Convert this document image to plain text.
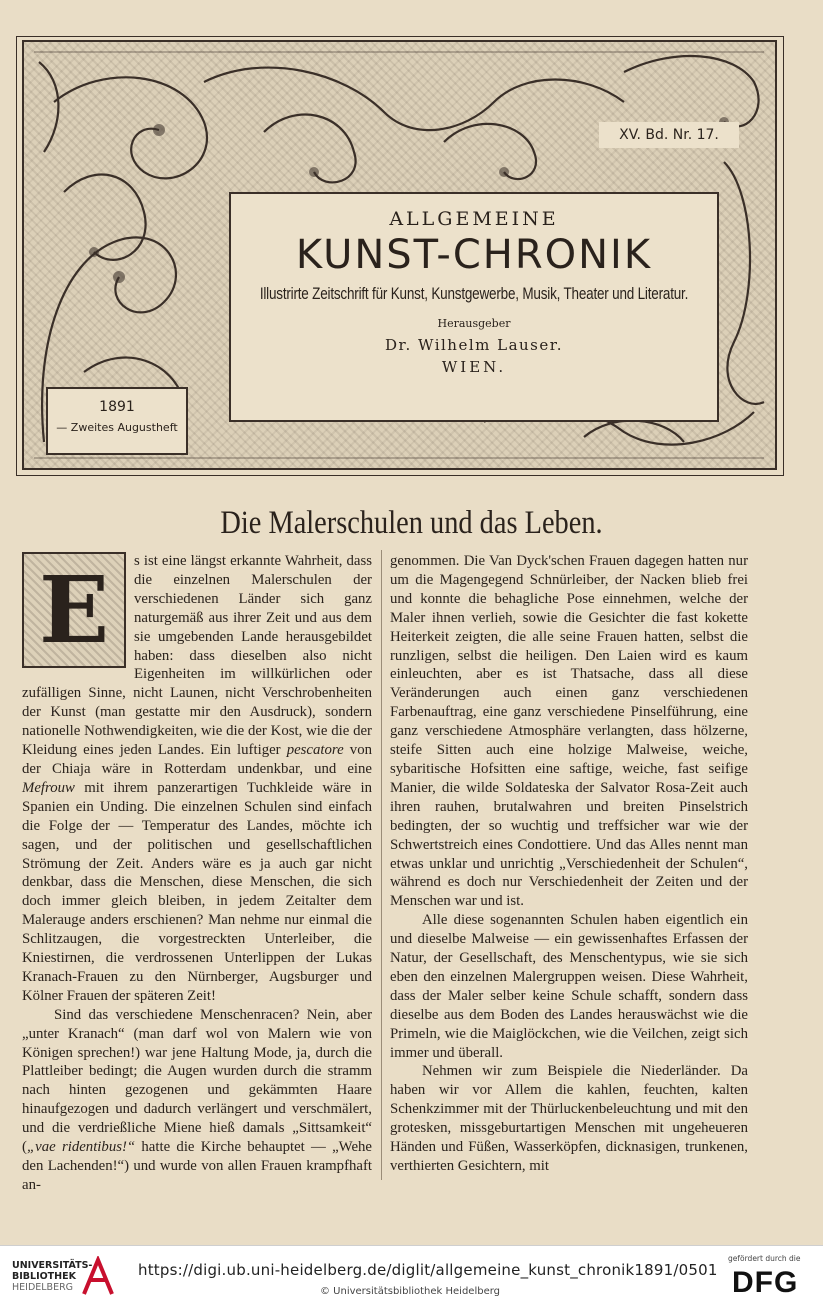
XV. Bd. Nr. 17.
ALLGEMEINE
KUNST-CHRONIK
Illustrirte Zeitschrift für Kunst, Kunstgewerbe, Musik, Theater und Literatur.
Herausgeber
Dr. Wilhelm Lauser.
WIEN.
1891
— Zweites Augustheft
Die Malerschulen und das Leben.
E	s ist eine längst erkannte Wahrheit, dass die einzelnen Malerschulen der verschiedenen Länder sich ganz naturgemäß aus ihrer Zeit und aus dem sie umgebenden Lande herausgebildet haben: dass dieselben also nicht Eigenheiten im willkürlichen oder zufälligen Sinne, nicht Launen, nicht Verschrobenheiten der Kunst (man gestatte mir den Ausdruck), sondern nationelle Nothwendigkeiten, wie die der Kost, wie die der Kleidung eines jeden Landes. Ein luftiger pescatore von der Chiaja wäre in Rotterdam undenkbar, und eine Mefrouw mit ihrem panzerartigen Tuchkleide wäre in Spanien ein Unding. Die einzelnen Schulen sind einfach die Folge der — Temperatur des Landes, möchte ich sagen, und der politischen und gesellschaftlichen Strömung der Zeit. Anders wäre es ja auch gar nicht denkbar, dass die Menschen, diese Menschen, die sich doch immer gleich bleiben, in jedem Zeitalter dem Malerauge anders erschienen? Man nehme nur einmal die Schlitzaugen, die vorgestreckten Unterleiber, die Kniestirnen, die verdrossenen Unterlippen der Lukas Kranach-Frauen zu den Nürnberger, Augsburger und Kölner Frauen der späteren Zeit!

Sind das verschiedene Menschenracen? Nein, aber „unter Kranach“ (man darf wol von Malern wie von Königen sprechen!) war jene Haltung Mode, ja, durch die Plattleiber bedingt; die Augen wurden durch die stramm nach hinten gezogenen und gekämmten Haare hinaufgezogen und dadurch verlängert und verschmälert, und die verdrießliche Miene hieß damals „Sittsamkeit“ („vae ridentibus!“ hatte die Kirche behauptet — „Wehe den Lachenden!“) und wurde von allen Frauen krampfhaft an-

genommen. Die Van Dyck'schen Frauen dagegen hatten nur um die Magengegend Schnürleiber, der Nacken blieb frei und konnte die behagliche Pose einnehmen, welche der Maler ihnen verlieh, sowie die Gesichter die fast kokette Heiterkeit zeigten, die alle seine Frauen hatten, selbst die runzligen, selbst die heiligen. Den Laien wird es kaum einleuchten, aber es ist Thatsache, dass all diese Veränderungen auch einen ganz verschiedenen Farbenauftrag, eine ganz verschiedene Pinselführung, eine ganz verschiedene Atmosphäre verlangten, dass hölzerne, steife Sitten auch eine holzige Malweise, weiche, sybaritische Hofsitten eine saftige, weiche, fast seifige Manier, die wilde Soldateska der Salvator Rosa-Zeit auch ihren rauhen, brutalwahren und breiten Pinselstrich bedingten, der so wuchtig und treffsicher war wie der Schwertstreich eines Condottiere. Und das Alles nennt man etwas unklar und unrichtig „Verschiedenheit der Schulen“, während es doch nur Verschiedenheit der Zeiten und der Menschen war und ist.

Alle diese sogenannten Schulen haben eigentlich ein und dieselbe Malweise — ein gewissenhaftes Erfassen der Natur, der Gesellschaft, des Menschentypus, wie sie sich eben den einzelnen Malergruppen weisen. Diese Wahrheit, dass der Maler selber keine Schule schafft, sondern dass dieselbe aus dem Boden des Landes herauswächst wie die Primeln, wie die Maiglöckchen, wie die Veilchen, zeigt sich immer und überall.

Nehmen wir zum Beispiele die Niederländer. Da haben wir vor Allem die kahlen, feuchten, kalten Schenkzimmer mit der Thürluckenbeleuchtung und mit den grotesken, missgeburtartigen Menschen mit ungeheueren Händen und Füßen, Wasserköpfen, dicknasigen, trunkenen, verthierten Gesichtern, mit

UNIVERSITÄTS-
BIBLIOTHEK
HEIDELBERG
https://digi.ub.uni-heidelberg.de/diglit/allgemeine_kunst_chronik1891/0501
© Universitätsbibliothek Heidelberg
gefördert durch die
DFG
